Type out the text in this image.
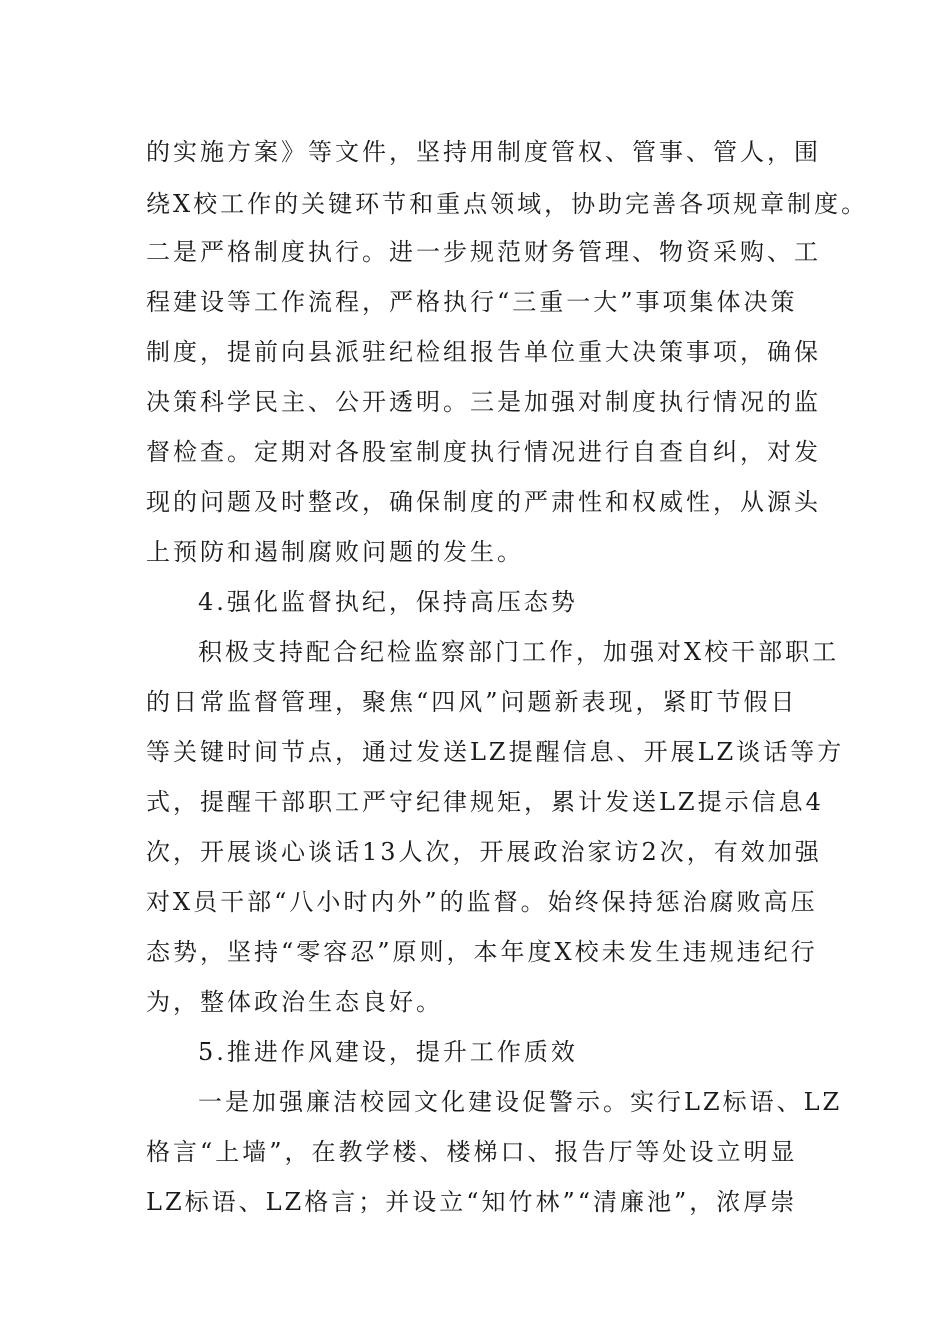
的实施方案》等文件，坚持用制度管权、管事、管人，围
绕X校工作的关键环节和重点领域，协助完善各项规章制度。
二是严格制度执行。进一步规范财务管理、物资采购、工
程建设等工作流程，严格执行“三重一大”事项集体决策
制度，提前向县派驻纪检组报告单位重大决策事项，确保
决策科学民主、公开透明。三是加强对制度执行情况的监
督检查。定期对各股室制度执行情况进行自查自纠，对发
现的问题及时整改，确保制度的严肃性和权威性，从源头
上预防和遏制腐败问题的发生。
4.强化监督执纪，保持高压态势
积极支持配合纪检监察部门工作，加强对X校干部职工
的日常监督管理，聚焦“四风”问题新表现，紧盯节假日
等关键时间节点，通过发送LZ提醒信息、开展LZ谈话等方
式，提醒干部职工严守纪律规矩，累计发送LZ提示信息4
次，开展谈心谈话13人次，开展政治家访2次，有效加强
对X员干部“八小时内外”的监督。始终保持惩治腐败高压
态势，坚持“零容忍”原则，本年度X校未发生违规违纪行
为，整体政治生态良好。
5.推进作风建设，提升工作质效
一是加强廉洁校园文化建设促警示。实行LZ标语、LZ
格言“上墙”，在教学楼、楼梯口、报告厅等处设立明显
LZ标语、LZ格言；并设立“知竹林”“清廉池”，浓厚崇
